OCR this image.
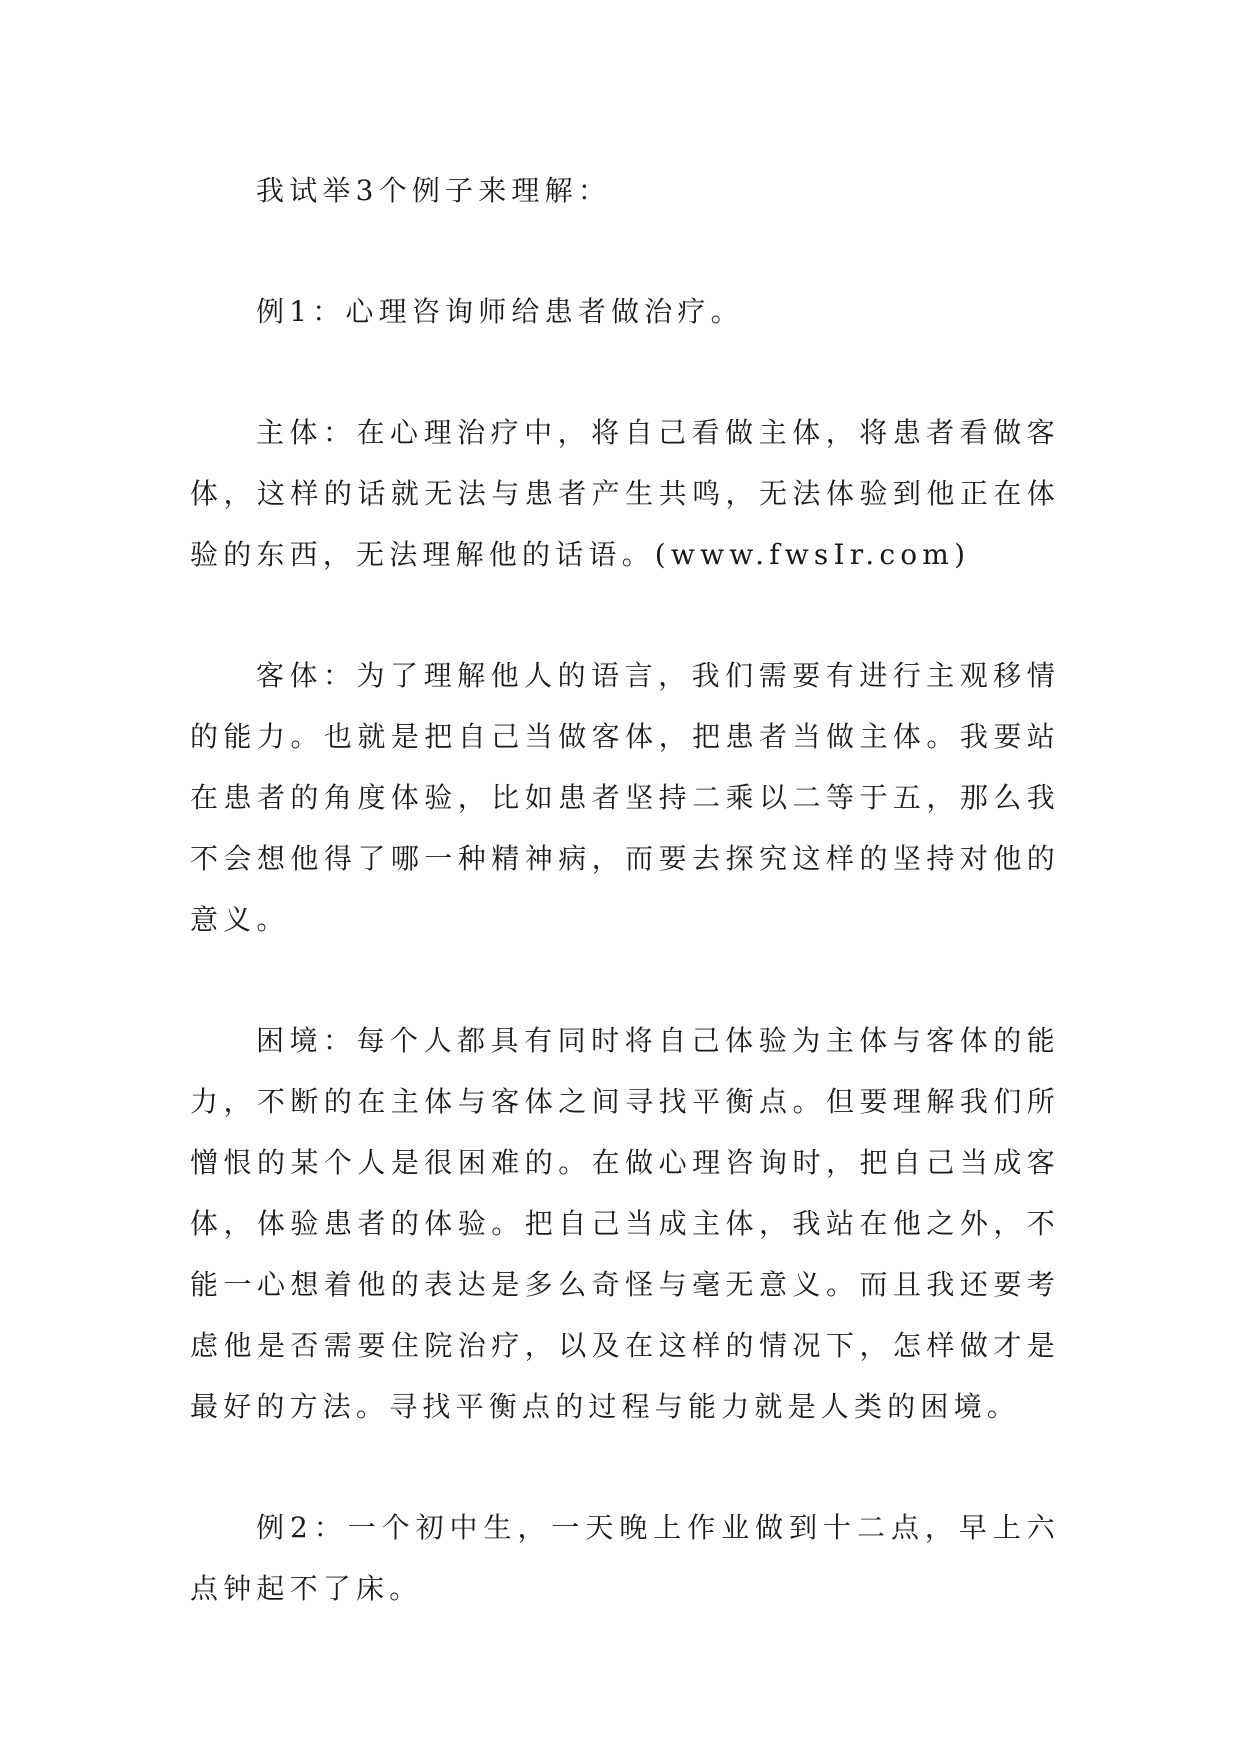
我试举3个例子来理解：

例1：心理咨询师给患者做治疗。

主体：在心理治疗中，将自己看做主体，将患者看做客体，这样的话就无法与患者产生共鸣，无法体验到他正在体验的东西，无法理解他的话语。(www.fwsIr.com)

客体：为了理解他人的语言，我们需要有进行主观移情的能力。也就是把自己当做客体，把患者当做主体。我要站在患者的角度体验，比如患者坚持二乘以二等于五，那么我不会想他得了哪一种精神病，而要去探究这样的坚持对他的意义。

困境：每个人都具有同时将自己体验为主体与客体的能力，不断的在主体与客体之间寻找平衡点。但要理解我们所憎恨的某个人是很困难的。在做心理咨询时，把自己当成客体，体验患者的体验。把自己当成主体，我站在他之外，不能一心想着他的表达是多么奇怪与毫无意义。而且我还要考虑他是否需要住院治疗，以及在这样的情况下，怎样做才是最好的方法。寻找平衡点的过程与能力就是人类的困境。

例2：一个初中生，一天晚上作业做到十二点，早上六点钟起不了床。
